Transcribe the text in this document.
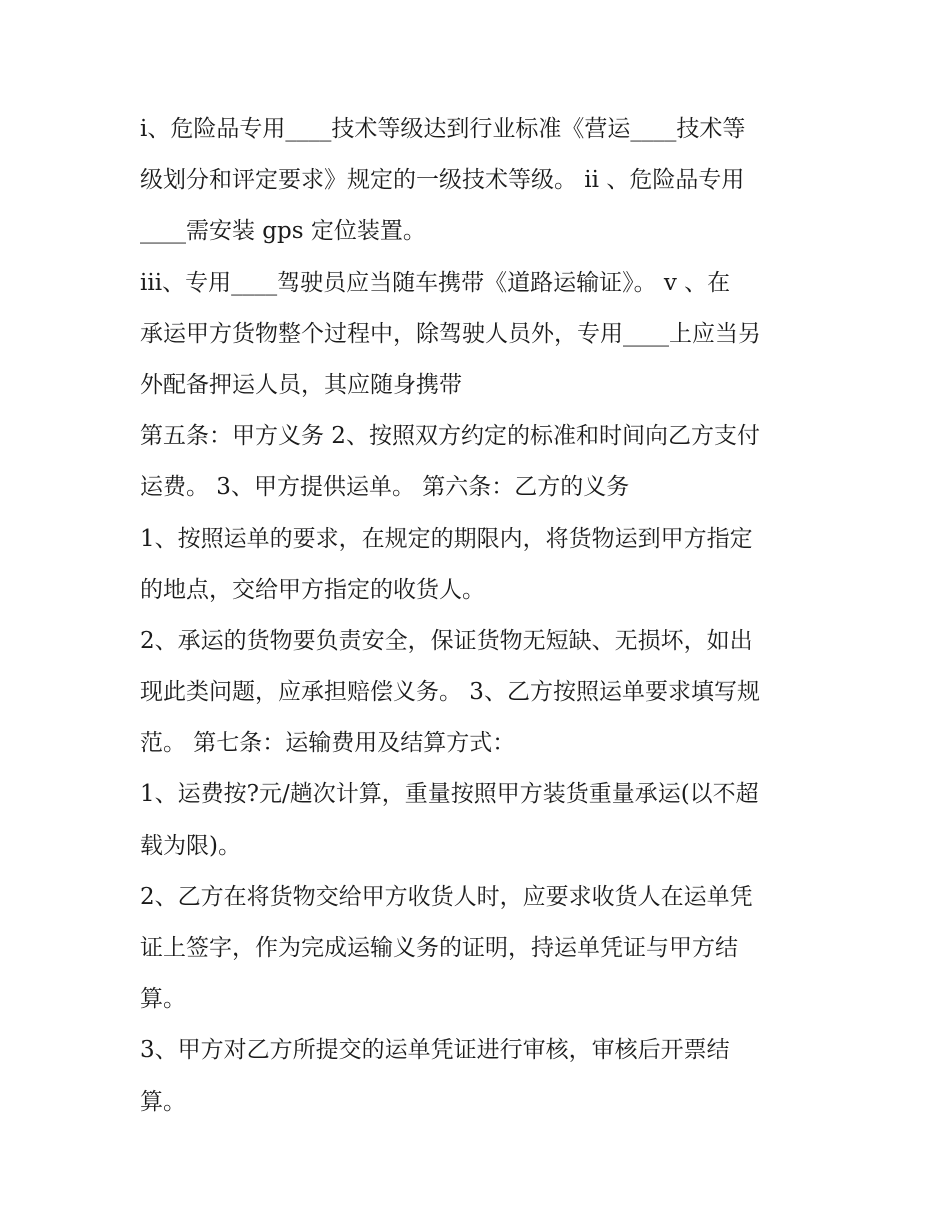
i、危险品专用____技术等级达到行业标准《营运____技术等
级划分和评定要求》规定的一级技术等级。 ii 、危险品专用
____需安装 gps 定位装置。

iii、专用____驾驶员应当随车携带《道路运输证》。 v 、在
承运甲方货物整个过程中，除驾驶人员外，专用____上应当另
外配备押运人员，其应随身携带

第五条：甲方义务 2、按照双方约定的标准和时间向乙方支付
运费。 3、甲方提供运单。 第六条：乙方的义务

1、按照运单的要求，在规定的期限内，将货物运到甲方指定
的地点，交给甲方指定的收货人。

2、承运的货物要负责安全，保证货物无短缺、无损坏，如出
现此类问题，应承担赔偿义务。 3、乙方按照运单要求填写规
范。 第七条：运输费用及结算方式：

1、运费按?元/趟次计算，重量按照甲方装货重量承运(以不超
载为限)。

2、乙方在将货物交给甲方收货人时，应要求收货人在运单凭
证上签字，作为完成运输义务的证明，持运单凭证与甲方结
算。

3、甲方对乙方所提交的运单凭证进行审核，审核后开票结
算。
